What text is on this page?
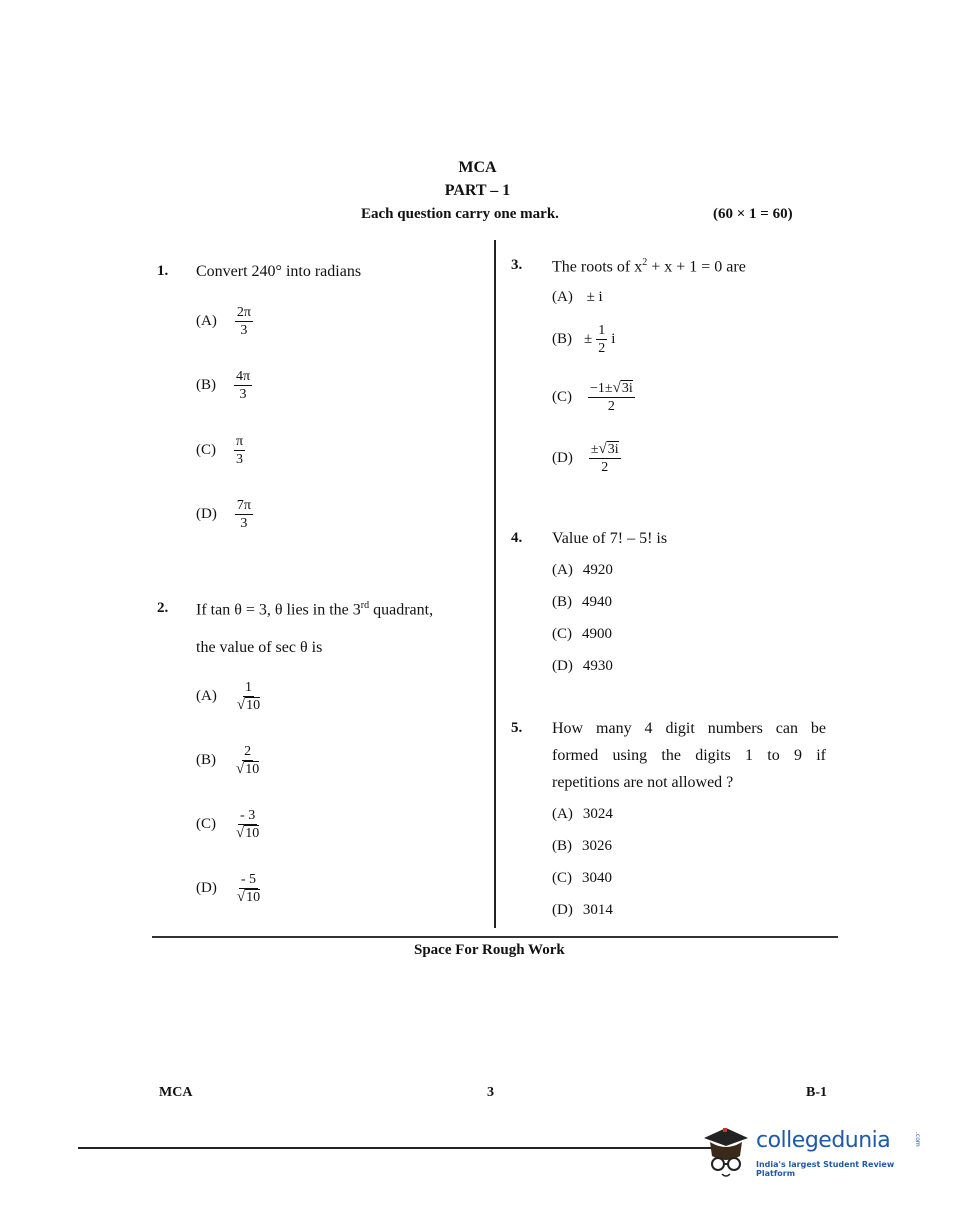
MCA
PART – 1
Each question carry one mark.	(60 × 1 = 60)
1. Convert 240° into radians
$(A) \frac{2\pi}{3}$
$(B) \frac{4\pi}{3}$
$(C) \frac{\pi}{3}$
$(D) \frac{7\pi}{3}$
2. If tan θ = 3, θ lies in the 3rd quadrant,
the value of sec θ is
$(A) \frac{1}{√10}$
$(B) \frac{2}{√10}$
$(C) \frac{- 3}{√10}$
$(D) \frac{- 5}{√10}$
3. The roots of $x^2 + x + 1 = 0$ are
(A) ± i
$(B) \pm \frac{1}{2}$ i
$(C) \frac{-1\pm√3i}{2}$
$(D) \frac{\pm√3i}{2}$
4. Value of 7! – 5! is
(A) 4920
(B) 4940
(C) 4900
(D) 4930
5. How many 4 digit numbers can be
formed using the digits 1 to 9 if
repetitions are not allowed ?
(A) 3024
(B) 3026
(C) 3040
(D) 3014
Space For Rough Work
MCA	3	B-1
collegedunia	.com
India's largest Student Review Platform
